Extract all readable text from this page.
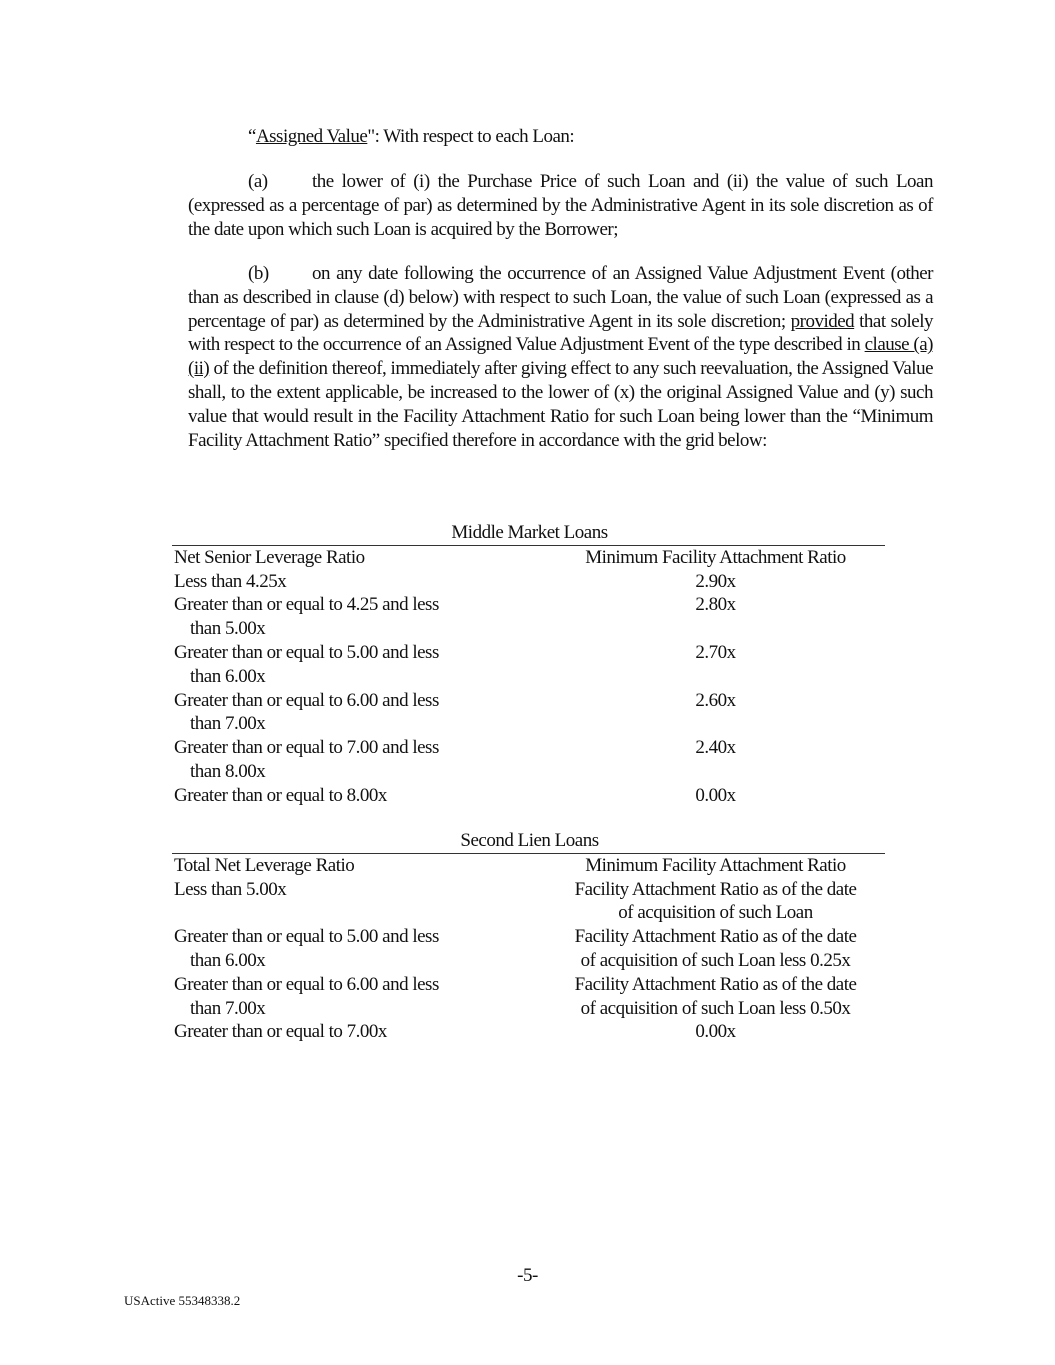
“Assigned Value": With respect to each Loan:
(a) the lower of (i) the Purchase Price of such Loan and (ii) the value of such Loan (expressed as a percentage of par) as determined by the Administrative Agent in its sole discretion as of the date upon which such Loan is acquired by the Borrower;
(b) on any date following the occurrence of an Assigned Value Adjustment Event (other than as described in clause (d) below) with respect to such Loan, the value of such Loan (expressed as a percentage of par) as determined by the Administrative Agent in its sole discretion; provided that solely with respect to the occurrence of an Assigned Value Adjustment Event of the type described in clause (a)(ii) of the definition thereof, immediately after giving effect to any such reevaluation, the Assigned Value shall, to the extent applicable, be increased to the lower of (x) the original Assigned Value and (y) such value that would result in the Facility Attachment Ratio for such Loan being lower than the “Minimum Facility Attachment Ratio” specified therefore in accordance with the grid below:
Middle Market Loans	
Net Senior Leverage Ratio	Minimum Facility Attachment Ratio

Less than 4.25x	2.90x

Greater than or equal to 4.25 and less
than 5.00x	2.80x

Greater than or equal to 5.00 and less
than 6.00x	2.70x

Greater than or equal to 6.00 and less
than 7.00x	2.60x

Greater than or equal to 7.00 and less
than 8.00x	2.40x

Greater than or equal to 8.00x	0.00x
Second Lien Loans	
Total Net Leverage Ratio	Minimum Facility Attachment Ratio

Less than 5.00x	Facility Attachment Ratio as of the date
of acquisition of such Loan

Greater than or equal to 5.00 and less
than 6.00x	Facility Attachment Ratio as of the date
of acquisition of such Loan less 0.25x

Greater than or equal to 6.00 and less
than 7.00x	Facility Attachment Ratio as of the date
of acquisition of such Loan less 0.50x

Greater than or equal to 7.00x	0.00x
-5-
USActive 55348338.2
